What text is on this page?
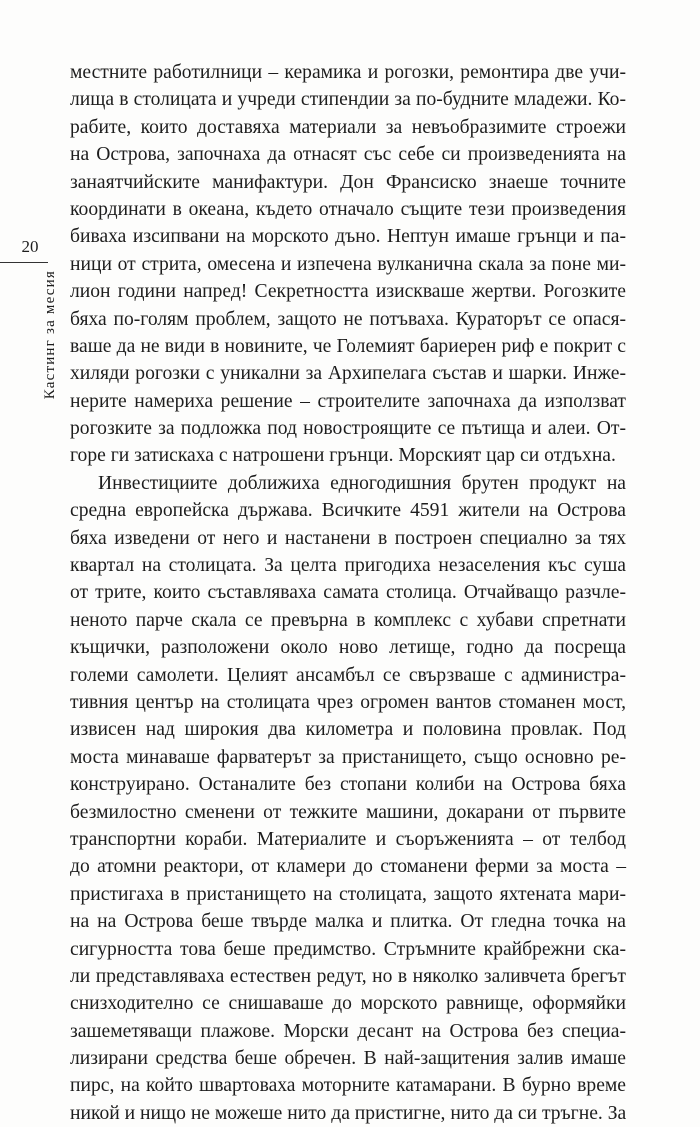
20
Кастинг за месия
местните работилници – керамика и рогозки, ремонтира две учи-
лища в столицата и учреди стипендии за по-будните младежи. Ко-
рабите, които доставяха материали за невъобразимите строежи
на Острова, започнаха да отнасят със себе си произведенията на
занаятчийските манифактури. Дон Франсиско знаеше точните
координати в океана, където отначало същите тези произведения
биваха изсипвани на морското дъно. Нептун имаше грънци и па-
ници от стрита, омесена и изпечена вулканична скала за поне ми-
лион години напред! Секретността изискваше жертви. Рогозките
бяха по-голям проблем, защото не потъваха. Кураторът се опася-
ваше да не види в новините, че Големият бариерен риф е покрит с
хиляди рогозки с уникални за Архипелага състав и шарки. Инже-
нерите намериха решение – строителите започнаха да използват
рогозките за подложка под новостроящите се пътища и алеи. От-
горе ги затискаха с натрошени грънци. Морският цар си отдъхна.
Инвестициите доближиха едногодишния брутен продукт на
средна европейска държава. Всичките 4591 жители на Острова
бяха изведени от него и настанени в построен специално за тях
квартал на столицата. За целта пригодиха незаселения къс суша
от трите, които съставляваха самата столица. Отчайващо разчле-
неното парче скала се превърна в комплекс с хубави спретнати
къщички, разположени около ново летище, годно да посреща
големи самолети. Целият ансамбъл се свързваше с администра-
тивния център на столицата чрез огромен вантов стоманен мост,
извисен над широкия два километра и половина провлак. Под
моста минаваше фарватерът за пристанището, също основно ре-
конструирано. Останалите без стопани колиби на Острова бяха
безмилостно сменени от тежките машини, докарани от първите
транспортни кораби. Материалите и съоръженията – от телбод
до атомни реактори, от кламери до стоманени ферми за моста –
пристигаха в пристанището на столицата, защото яхтената мари-
на на Острова беше твърде малка и плитка. От гледна точка на
сигурността това беше предимство. Стръмните крайбрежни ска-
ли представляваха естествен редут, но в няколко заливчета брегът
снизходително се снишаваше до морското равнище, оформяйки
зашеметяващи плажове. Морски десант на Острова без специа-
лизирани средства беше обречен. В най-защитения залив имаше
пирс, на който швартоваха моторните катамарани. В бурно време
никой и нищо не можеше нито да пристигне, нито да си тръгне. За
